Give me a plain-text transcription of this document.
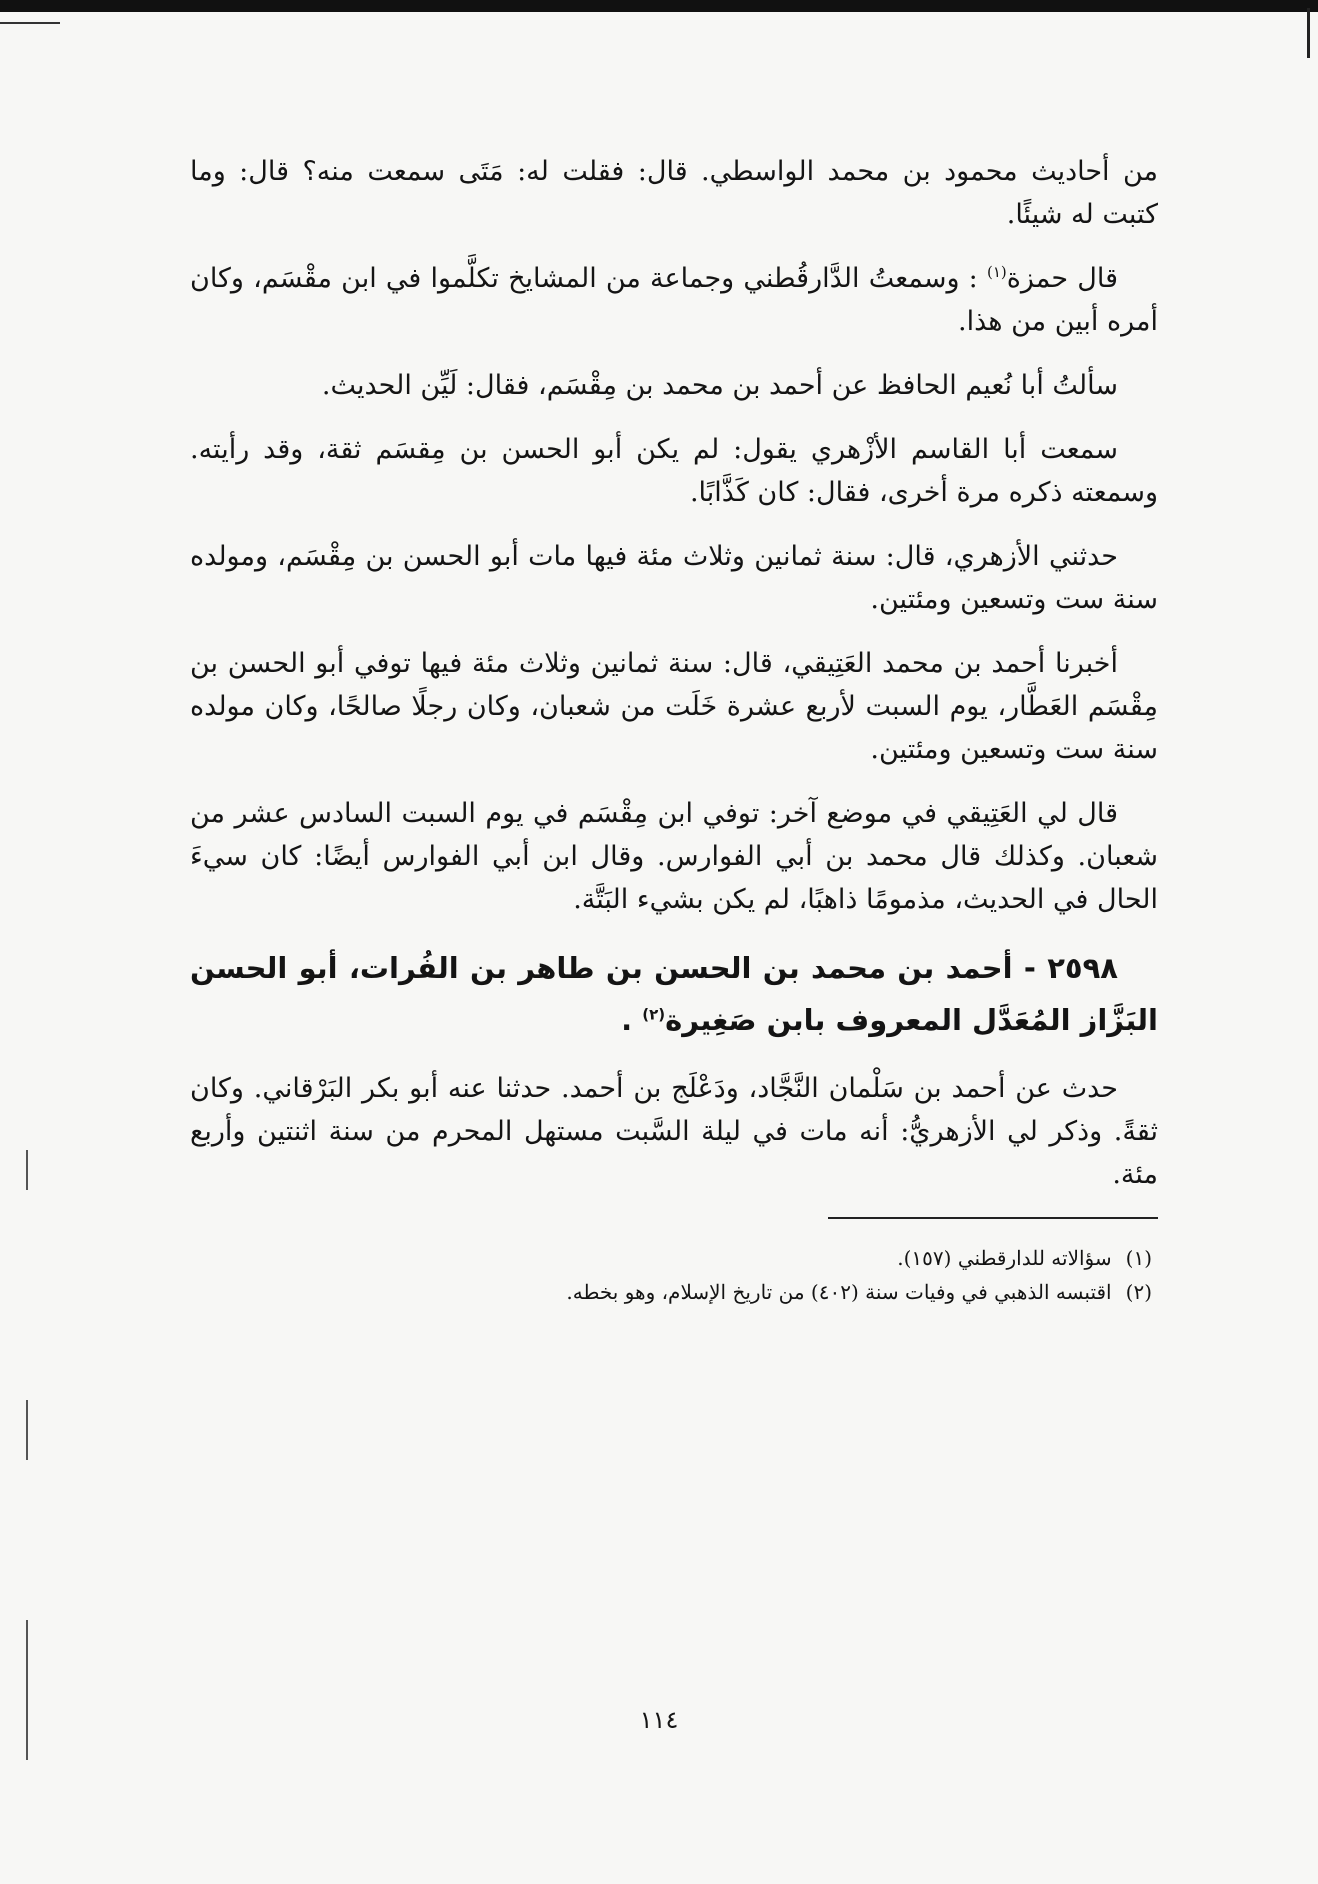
من أحاديث محمود بن محمد الواسطي. قال: فقلت له: مَتَى سمعت منه؟ قال: وما كتبت له شيئًا.

قال حمزة$^{(١)}$ : وسمعتُ الدَّارقُطني وجماعة من المشايخ تكلَّموا في ابن مقْسَم، وكان أمره أبين من هذا.

سألتُ أبا نُعيم الحافظ عن أحمد بن محمد بن مِقْسَم، فقال: لَيِّن الحديث.

سمعت أبا القاسم الأزْهري يقول: لم يكن أبو الحسن بن مِقسَم ثقة، وقد رأيته. وسمعته ذكره مرة أخرى، فقال: كان كَذَّابًا.

حدثني الأزهري، قال: سنة ثمانين وثلاث مئة فيها مات أبو الحسن بن مِقْسَم، ومولده سنة ست وتسعين ومئتين.

أخبرنا أحمد بن محمد العَتِيقي، قال: سنة ثمانين وثلاث مئة فيها توفي أبو الحسن بن مِقْسَم العَطَّار، يوم السبت لأربع عشرة خَلَت من شعبان، وكان رجلًا صالحًا، وكان مولده سنة ست وتسعين ومئتين.

قال لي العَتِيقي في موضع آخر: توفي ابن مِقْسَم في يوم السبت السادس عشر من شعبان. وكذلك قال محمد بن أبي الفوارس. وقال ابن أبي الفوارس أيضًا: كان سيءَ الحال في الحديث، مذمومًا ذاهبًا، لم يكن بشيء البَتَّة.

٢٥٩٨ - أحمد بن محمد بن الحسن بن طاهر بن الفُرات، أبو الحسن البَزَّاز المُعَدَّل المعروف بابن صَغِيرة$^{(٢)}$ .

حدث عن أحمد بن سَلْمان النَّجَّاد، ودَعْلَج بن أحمد. حدثنا عنه أبو بكر البَرْقاني. وكان ثقةً. وذكر لي الأزهريُّ: أنه مات في ليلة السَّبت مستهل المحرم من سنة اثنتين وأربع مئة.

(١)سؤالاته للدارقطني (١٥٧).

(٢)اقتبسه الذهبي في وفيات سنة (٤٠٢) من تاريخ الإسلام، وهو بخطه.

١١٤
